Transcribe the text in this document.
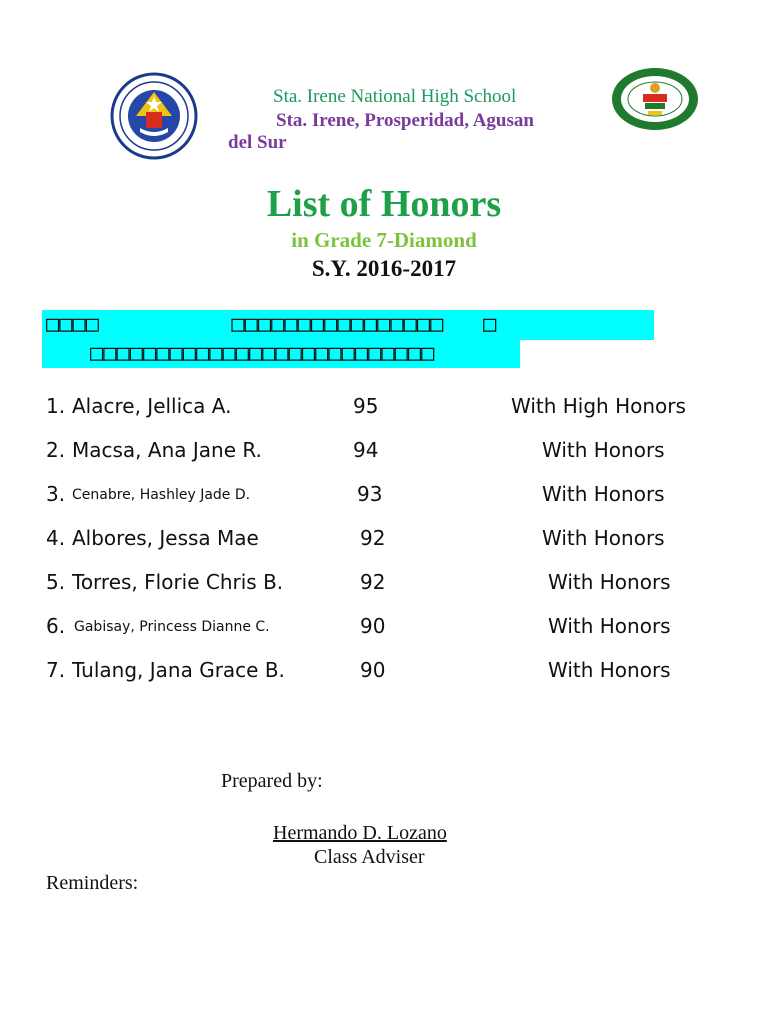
Sta. Irene National High School
Sta. Irene, Prosperidad, Agusan
del Sur
List of Honors
in Grade 7-Diamond
S.Y. 2016-2017
□□□□          □□□□□□□□□□□□□□□□   □
□□□□□□□□□□□□□□□□□□□□□□□□□□
1. Alacre, Jellica A.	95	With High Honors
2. Macsa, Ana Jane R.	94	With Honors
3. Cenabre, Hashley Jade D.	93	With Honors
4. Albores, Jessa Mae	92	With Honors
5. Torres, Florie Chris B.	92	With Honors
6. Gabisay, Princess Dianne C.	90	With Honors
7. Tulang, Jana Grace B.	90	With Honors
Prepared by:
Hermando D. Lozano
Class Adviser
Reminders:
